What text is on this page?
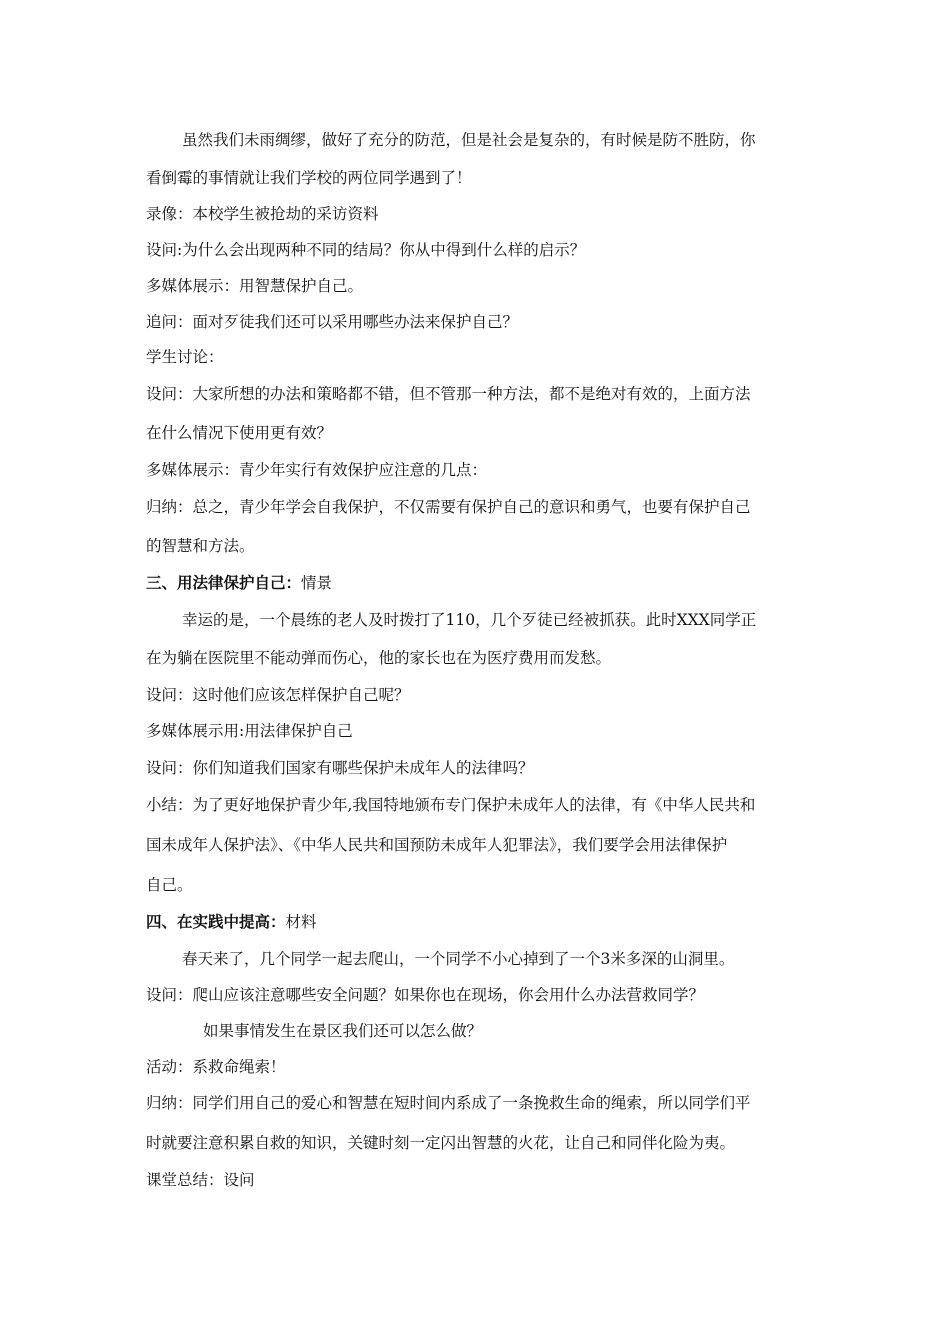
虽然我们未雨绸缪，做好了充分的防范，但是社会是复杂的，有时候是防不胜防，你
看倒霉的事情就让我们学校的两位同学遇到了！
录像：本校学生被抢劫的采访资料
设问:为什么会出现两种不同的结局？你从中得到什么样的启示？
多媒体展示：用智慧保护自己。
追问：面对歹徒我们还可以采用哪些办法来保护自己？
学生讨论：
设问：大家所想的办法和策略都不错，但不管那一种方法，都不是绝对有效的，上面方法
在什么情况下使用更有效？
多媒体展示：青少年实行有效保护应注意的几点：
归纳：总之，青少年学会自我保护，不仅需要有保护自己的意识和勇气，也要有保护自己
的智慧和方法。
三、用法律保护自己：情景
幸运的是，一个晨练的老人及时拨打了110，几个歹徒已经被抓获。此时XXX同学正
在为躺在医院里不能动弹而伤心，他的家长也在为医疗费用而发愁。
设问：这时他们应该怎样保护自己呢？
多媒体展示用:用法律保护自己
设问：你们知道我们国家有哪些保护未成年人的法律吗？
小结：为了更好地保护青少年,我国特地颁布专门保护未成年人的法律，有《中华人民共和
国未成年人保护法》、《中华人民共和国预防未成年人犯罪法》，我们要学会用法律保护
自己。
四、在实践中提高：材料
春天来了，几个同学一起去爬山，一个同学不小心掉到了一个3米多深的山洞里。
设问：爬山应该注意哪些安全问题？如果你也在现场，你会用什么办法营救同学？
如果事情发生在景区我们还可以怎么做？
活动：系救命绳索！
归纳：同学们用自己的爱心和智慧在短时间内系成了一条挽救生命的绳索，所以同学们平
时就要注意积累自救的知识，关键时刻一定闪出智慧的火花，让自己和同伴化险为夷。
课堂总结：设问
